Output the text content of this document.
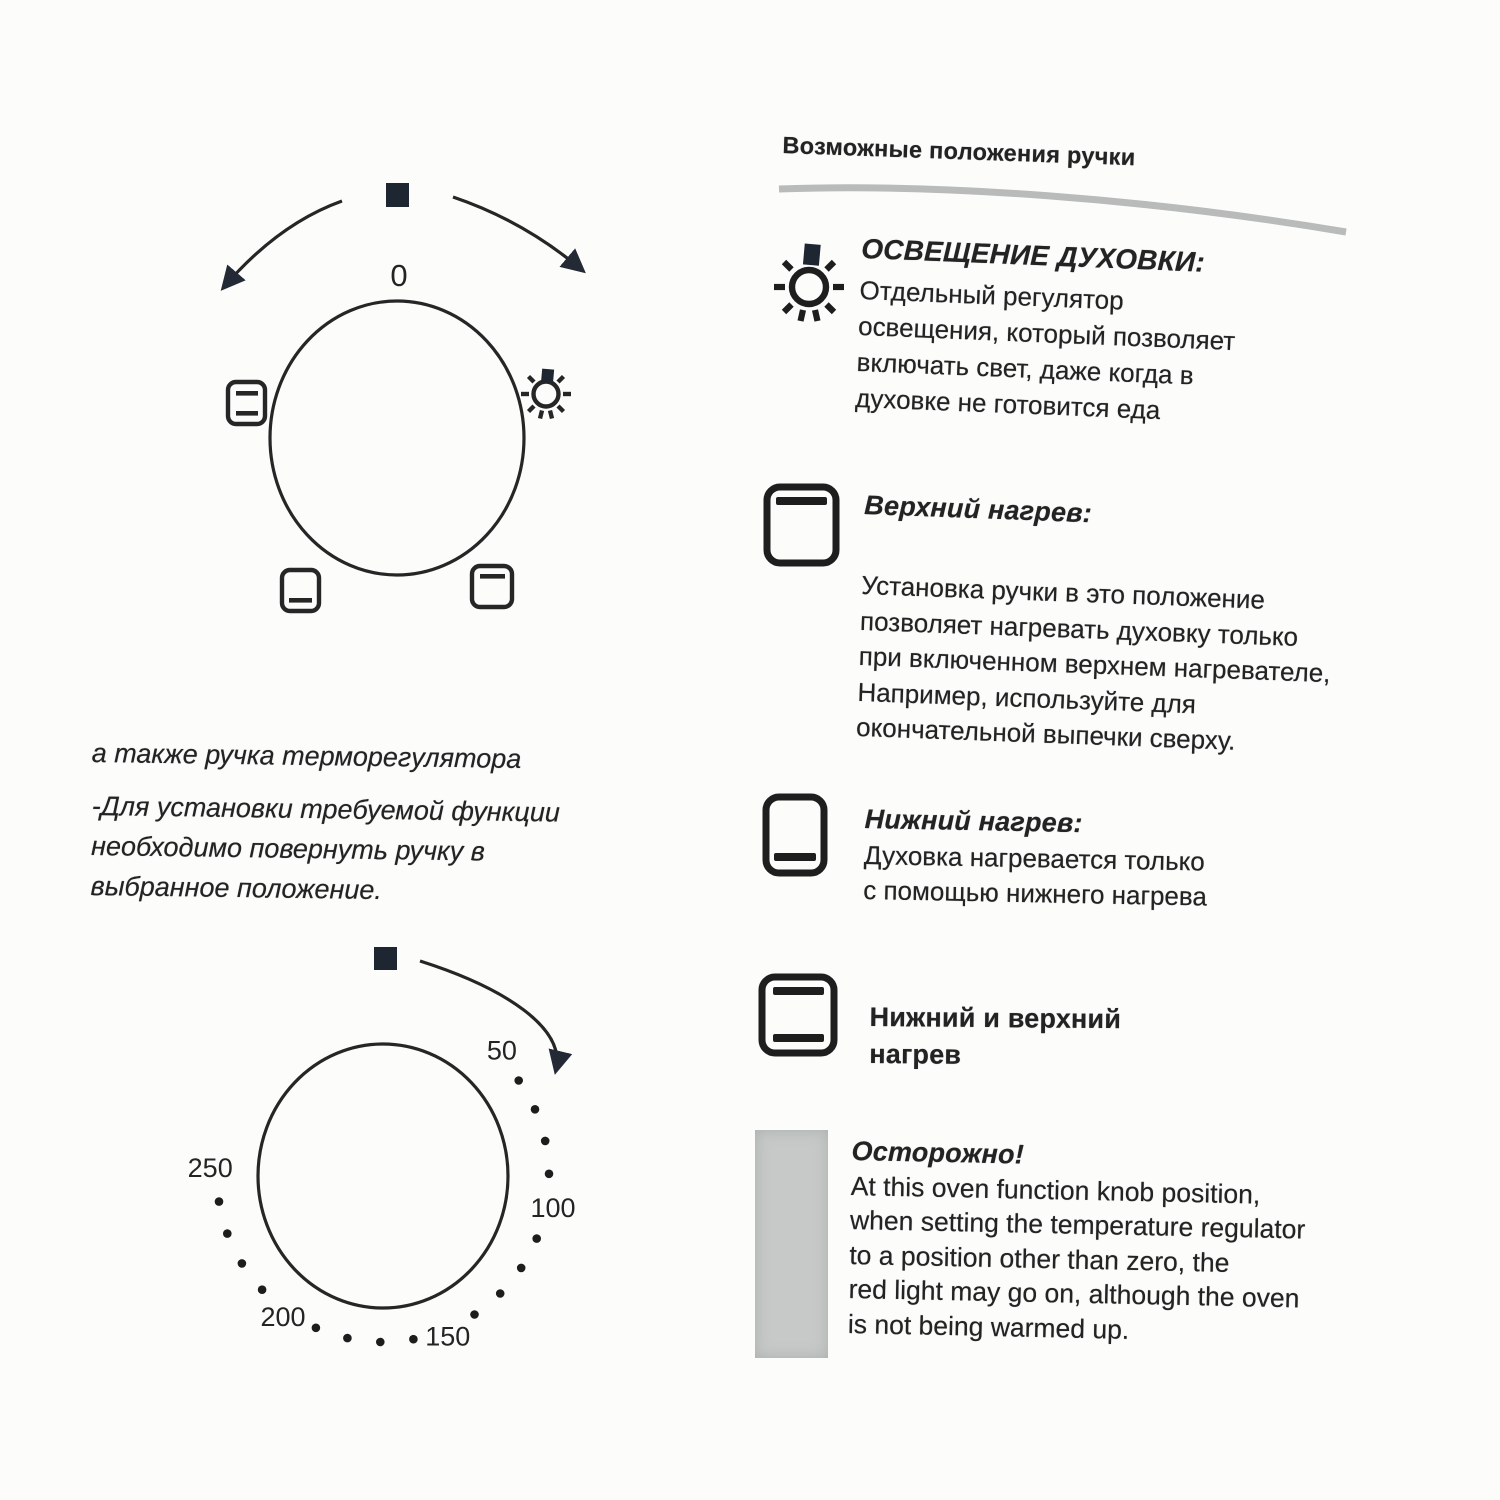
0
50
100
150
200
250
а также ручка терморегулятора
-Для установки требуемой функции
необходимо повернуть ручку в
выбранное положение.
Возможные положения ручки
ОСВЕЩЕНИЕ ДУХОВКИ:
Отдельный регулятор
освещения, который позволяет
включать свет, даже когда в
духовке не готовится еда
Верхний нагрев:
Установка ручки в это положение
позволяет нагревать духовку только
при включенном верхнем нагревателе,
Например, используйте для
окончательной выпечки сверху.
Нижний нагрев:
Духовка нагревается только
с помощью нижнего нагрева
Нижний и верхний
нагрев
Осторожно!
At this oven function knob position,
when setting the temperature regulator
to a position other than zero, the
red light may go on, although the oven
is not being warmed up.
